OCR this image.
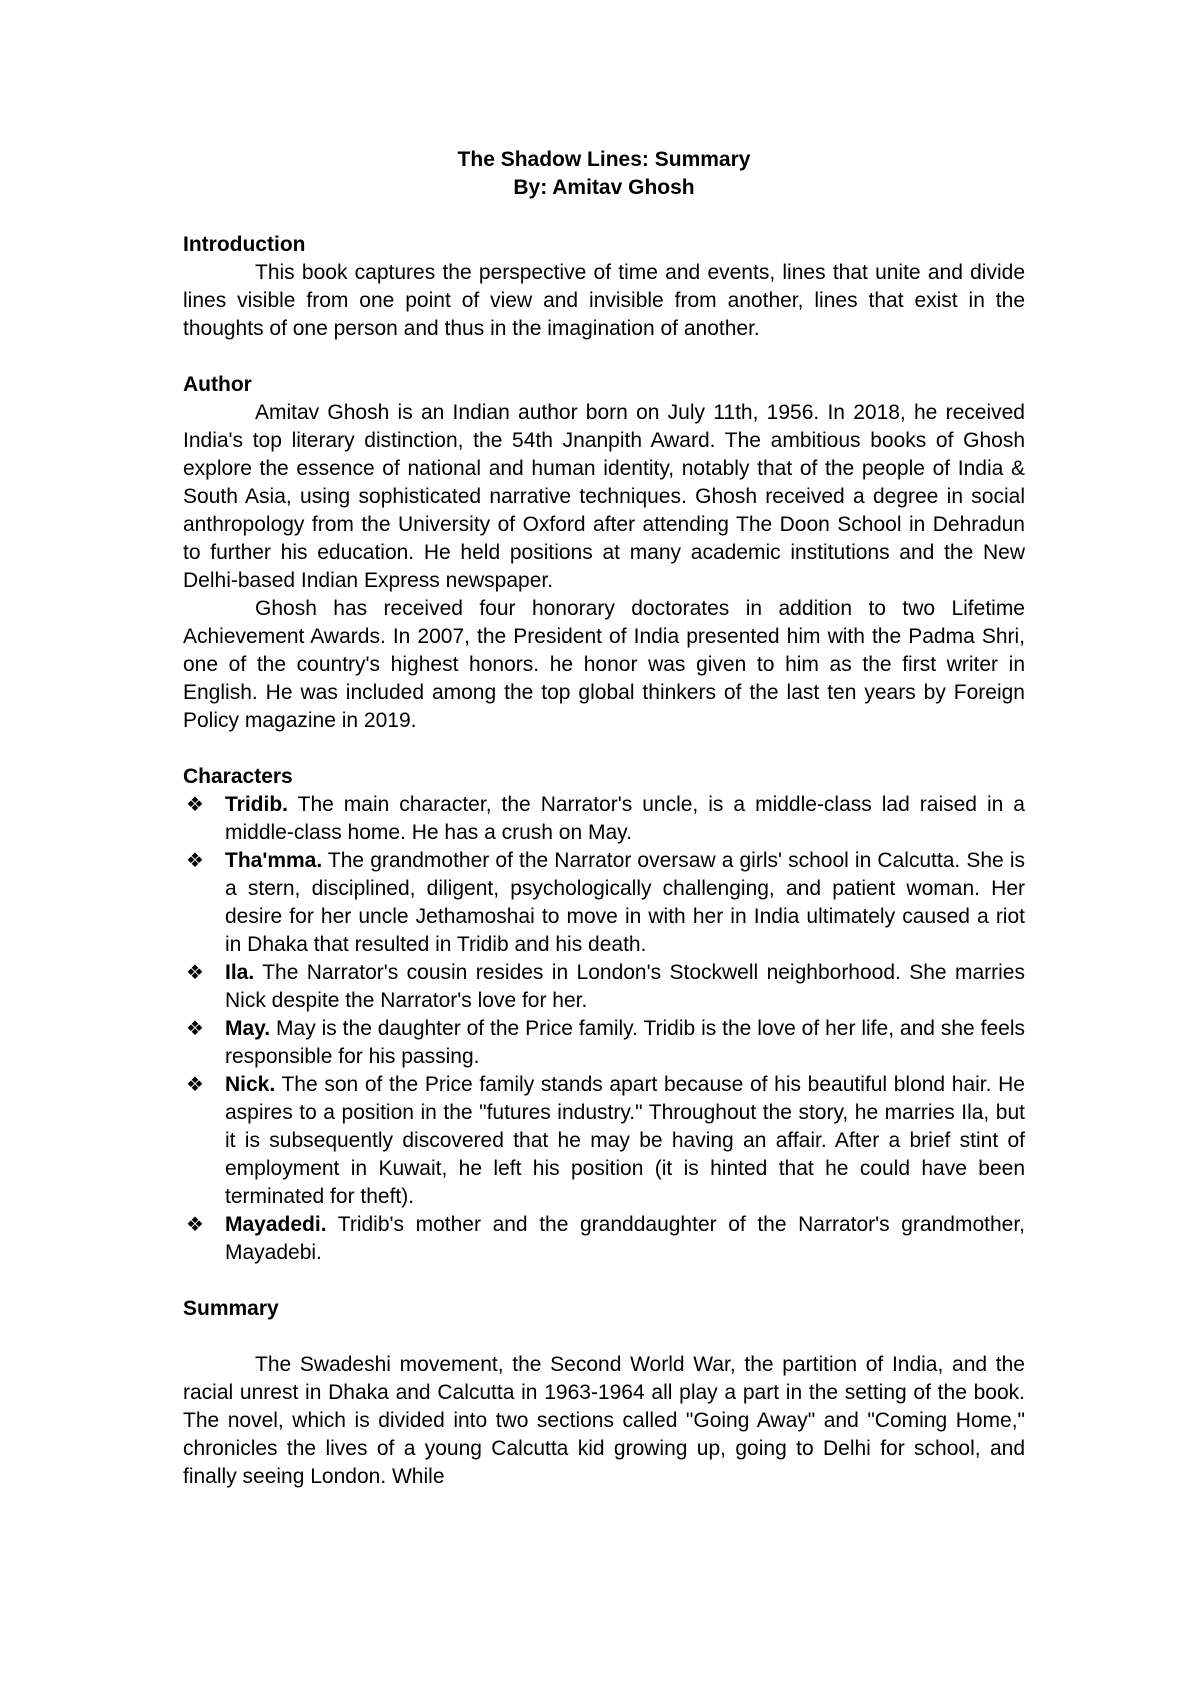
The Shadow Lines: Summary
By: Amitav Ghosh

Introduction

This book captures the perspective of time and events, lines that unite and divide lines visible from one point of view and invisible from another, lines that exist in the thoughts of one person and thus in the imagination of another.

Author

Amitav Ghosh is an Indian author born on July 11th, 1956. In 2018, he received India's top literary distinction, the 54th Jnanpith Award. The ambitious books of Ghosh explore the essence of national and human identity, notably that of the people of India & South Asia, using sophisticated narrative techniques. Ghosh received a degree in social anthropology from the University of Oxford after attending The Doon School in Dehradun to further his education. He held positions at many academic institutions and the New Delhi-based Indian Express newspaper.

Ghosh has received four honorary doctorates in addition to two Lifetime Achievement Awards. In 2007, the President of India presented him with the Padma Shri, one of the country's highest honors. he honor was given to him as the first writer in English. He was included among the top global thinkers of the last ten years by Foreign Policy magazine in 2019.

Characters

❖ Tridib. The main character, the Narrator's uncle, is a middle-class lad raised in a middle-class home. He has a crush on May.
❖ Tha'mma. The grandmother of the Narrator oversaw a girls' school in Calcutta. She is a stern, disciplined, diligent, psychologically challenging, and patient woman. Her desire for her uncle Jethamoshai to move in with her in India ultimately caused a riot in Dhaka that resulted in Tridib and his death.
❖ Ila. The Narrator's cousin resides in London's Stockwell neighborhood. She marries Nick despite the Narrator's love for her.
❖ May. May is the daughter of the Price family. Tridib is the love of her life, and she feels responsible for his passing.
❖ Nick. The son of the Price family stands apart because of his beautiful blond hair. He aspires to a position in the "futures industry." Throughout the story, he marries Ila, but it is subsequently discovered that he may be having an affair. After a brief stint of employment in Kuwait, he left his position (it is hinted that he could have been terminated for theft).
❖ Mayadedi. Tridib's mother and the granddaughter of the Narrator's grandmother, Mayadebi.

Summary

The Swadeshi movement, the Second World War, the partition of India, and the racial unrest in Dhaka and Calcutta in 1963-1964 all play a part in the setting of the book. The novel, which is divided into two sections called "Going Away" and "Coming Home," chronicles the lives of a young Calcutta kid growing up, going to Delhi for school, and finally seeing London. While
